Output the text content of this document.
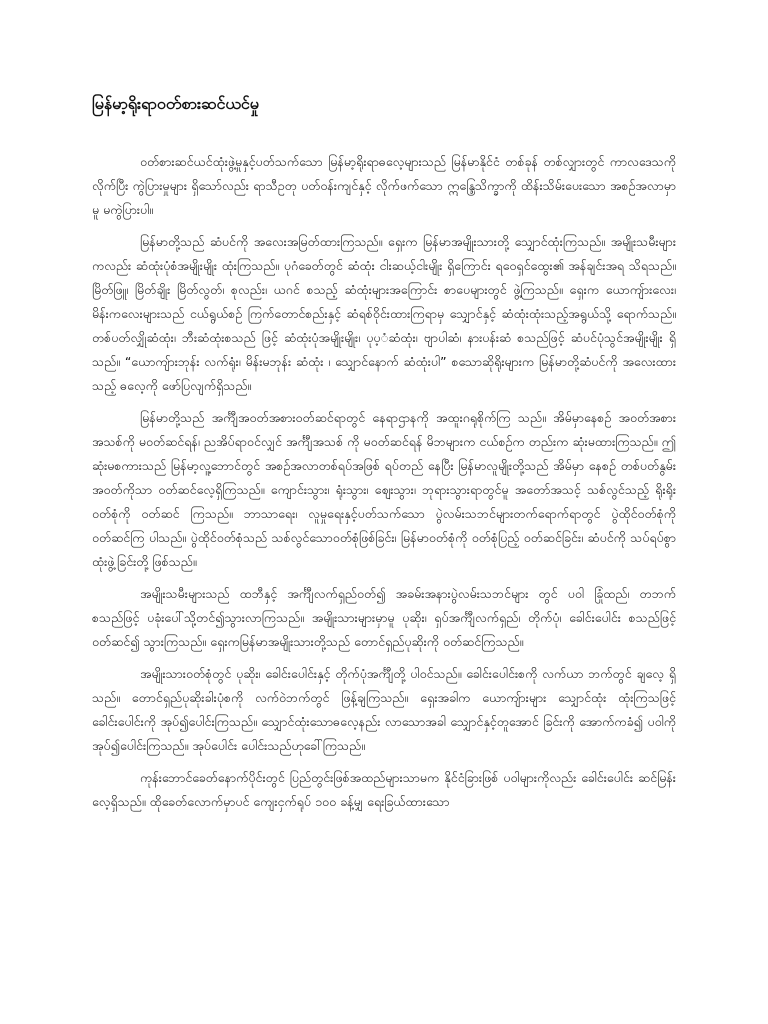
မြန်မာ့ရိုးရာဝတ်စားဆင်ယင်မှု

ဝတ်စားဆင်ယင်ထုံးဖွဲ့မှုနှင့်ပတ်သက်သော မြန်မာ့ရိုးရာဓလေ့များသည် မြန်မာနိုင်ငံ တစ်ခုန် တစ်လျှားတွင် ကာလဒေသကိုလိုက်ပြီး ကွဲပြားမှုများ ရှိသော်လည်း ရာသီဥတု ပတ်ဝန်းကျင်နှင့် လိုက်ဖက်သော ဣန္ဒြေသိက္ခာကို ထိန်းသိမ်းပေးသော အစဉ်အလာမှာမူ မကွဲပြားပါ။

မြန်မာတို့သည် ဆံပင်ကို အလေးအမြတ်ထားကြသည်။ ရှေးက မြန်မာအမျိုးသားတို့ သျှောင်ထုံးကြသည်။ အမျိုးသမီးများကလည်း ဆံထုံးပုံစံအမျိုးမျိုး ထုံးကြသည်။ ပုဂံခေတ်တွင် ဆံထုံး ငါးဆယ့်ငါးမျိုး ရှိကြောင်း ရဝေရှင်ထွေး၏ အန်ချင်းအရ သိရသည်။ မြိတ်ဖြူ၊ မြိတ်ချိုး မြိတ်လွတ်၊ စုလည်း၊ ယဂင် စသည့် ဆံထုံးများအကြောင်း စာပေများတွင် ဖွဲ့ကြသည်။ ရှေးက ယောကျ်ားလေး၊ မိန်းကလေးများသည် ငယ်ရွယ်စဉ် ကြက်တောင်စည်းနှင့် ဆံရစ်ဝိုင်းထားကြရာမှ သျှောင်နှင့် ဆံထုံးထုံးသည့်အရွယ်သို့ ရောက်သည်။ တစ်ပတ်လျှိုဆံထုံး၊ ဘီးဆံထုံးစသည် ဖြင့် ဆံထုံးပုံအမျိုးမျိုး၊ ပုပ့ံဆံထုံး၊ ဗျာပါဆံ၊ နားပန်းဆံ စသည်ဖြင့် ဆံပင်ပုံသွင်အမျိုးမျိုး ရှိသည်။ “ယောကျ်ားဘုန်း လက်ရုံး၊ မိန်းမဘုန်း ဆံထုံး ၊ သျှောင်နောက် ဆံထုံးပါ” စသောဆိုရိုးများက မြန်မာတို့ဆံပင်ကို အလေးထားသည့် ဓလေ့ကို ဖော်ပြလျက်ရှိသည်။

မြန်မာတို့သည် အင်္ကျီအဝတ်အစားဝတ်ဆင်ရာတွင် နေရာဌာနကို အထူးဂရုစိုက်ကြ သည်။ အိမ်မှာနေစဉ် အဝတ်အစားအသစ်ကို မဝတ်ဆင်ရန်၊ ညအိပ်ရာဝင်လျှင် အင်္ကျီအသစ် ကို မဝတ်ဆင်ရန် မိဘများက ငယ်စဉ်က တည်းက ဆုံးမထားကြသည်။ ဤဆုံးမစကားသည် မြန်မာ့လူ့ဘောင်တွင် အစဉ်အလာတစ်ရပ်အဖြစ် ရပ်တည် နေပြီး မြန်မာလူမျိုးတို့သည် အိမ်မှာ နေစဉ် တစ်ပတ်နွမ်းအဝတ်ကိုသာ ဝတ်ဆင်လေ့ရှိကြသည်။ ကျောင်းသွား၊ ရုံးသွား၊ ဈေးသွား၊ ဘုရားသွားရာတွင်မူ အတော်အသင့် သစ်လွင်သည့် ရိုးရိုးဝတ်စုံကို ဝတ်ဆင် ကြသည်။ ဘာသာရေး၊ လူမှုရေးနှင့်ပတ်သက်သော ပွဲလမ်းသဘင်များတက်ရောက်ရာတွင် ပွဲထိုင်ဝတ်စုံကို ဝတ်ဆင်ကြ ပါသည်။ ပွဲထိုင်ဝတ်စုံသည် သစ်လွင်သောဝတ်စုံဖြစ်ခြင်း၊ မြန်မာဝတ်စုံကို ဝတ်စုံပြည့် ဝတ်ဆင်ခြင်း၊ ဆံပင်ကို သပ်ရပ်စွာထုံးဖွဲ့ခြင်းတို့ ဖြစ်သည်။

အမျိုးသမီးများသည် ထဘီနှင့် အင်္ကျီလက်ရှည်ဝတ်၍ အခမ်းအနားပွဲလမ်းသဘင်များ တွင် ပဝါ ခြုံထည်၊ တဘက်စသည်ဖြင့် ပခုံးပေါ်သို့တင်၍သွားလာကြသည်။ အမျိုးသားများမှာမူ ပုဆိုး၊ ရှပ်အင်္ကျီလက်ရှည်၊ တိုက်ပုံ၊ ခေါင်းပေါင်း စသည်ဖြင့် ဝတ်ဆင်၍ သွားကြသည်။ ရှေးကမြန်မာအမျိုးသားတို့သည် တောင်ရှည်ပုဆိုးကို ဝတ်ဆင်ကြသည်။

အမျိုးသားဝတ်စုံတွင် ပုဆိုး၊ ခေါင်းပေါင်းနှင့် တိုက်ပုံအင်္ကျီတို့ ပါဝင်သည်။ ခေါင်းပေါင်းစကို လက်ယာ ဘက်တွင် ချလေ့ ရှိသည်။ တောင်ရှည်ပုဆိုးခါးပုံစကို လက်ဝဲဘက်တွင် ဖြန့်ချကြသည်။ ရှေးအခါက ယောကျ်ားများ သျှောင်ထုံး ထုံးကြသဖြင့် ခေါင်းပေါင်းကို အုပ်၍ပေါင်းကြသည်။ သျှောင်ထုံးသောဓလေ့နည်း လာသောအခါ သျှောင်နှင့်တူအောင် ခြင်းကို အောက်ကခံ၍ ပဝါကို အုပ်၍ပေါင်းကြသည်။ အုပ်ပေါင်း ပေါင်းသည်ဟုခေါ်ကြသည်။

ကုန်းဘောင်ခေတ်နောက်ပိုင်းတွင် ပြည်တွင်းဖြစ်အထည်များသာမက နိုင်ငံခြားဖြစ် ပဝါများကိုလည်း ခေါင်းပေါင်း ဆင်မြန်းလေ့ရှိသည်။ ထိုခေတ်လောက်မှာပင် ကျေးငှက်ရုပ် ၁၀၀ ခန့်မျှ ရေးခြယ်ထားသော
